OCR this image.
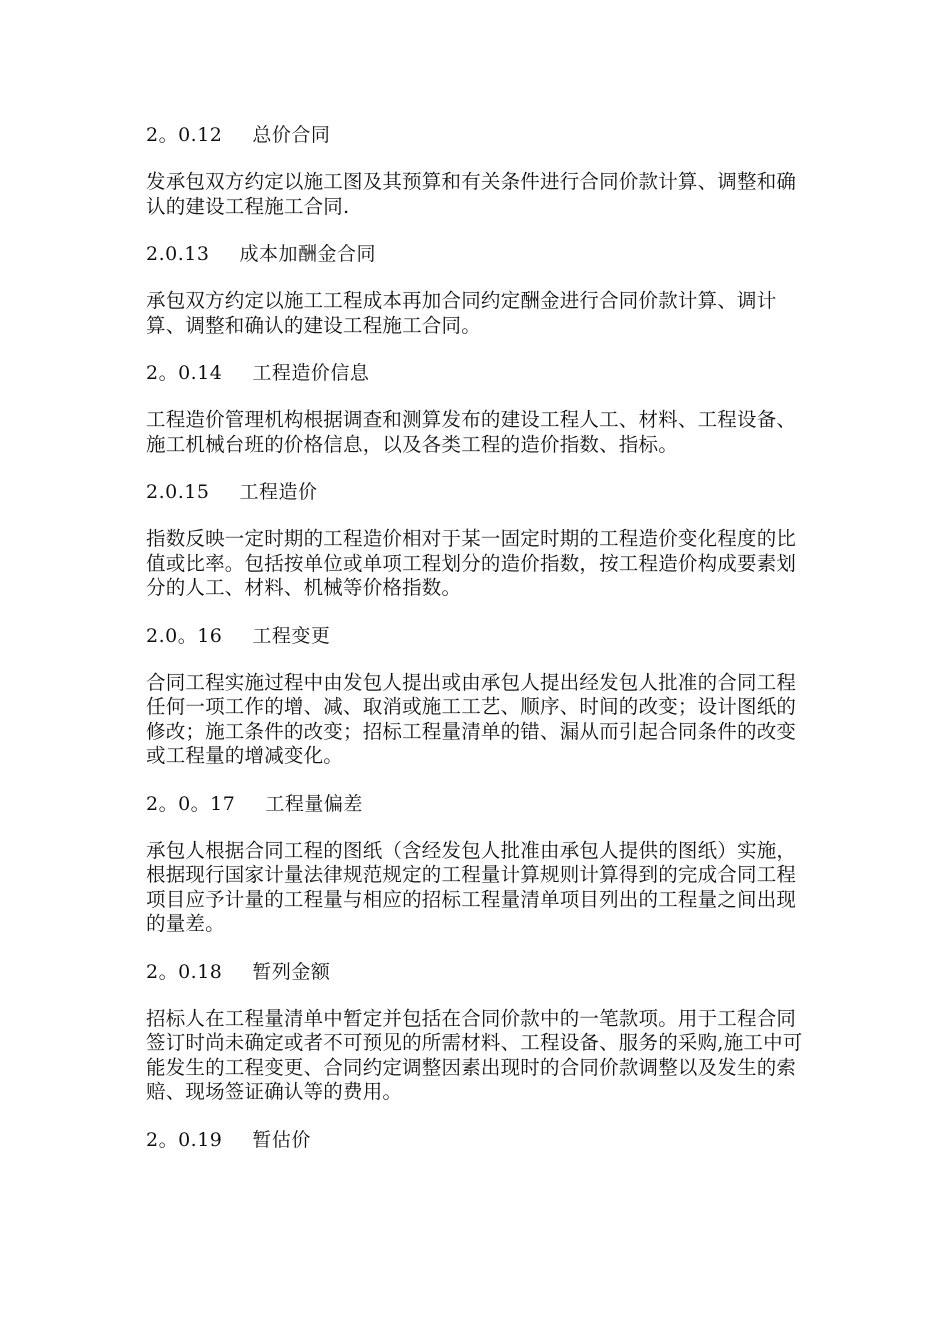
2。0.12 总价合同

发承包双方约定以施工图及其预算和有关条件进行合同价款计算、调整和确认的建设工程施工合同.

2.0.13 成本加酬金合同

承包双方约定以施工工程成本再加合同约定酬金进行合同价款计算、调计算、调整和确认的建设工程施工合同。

2。0.14 工程造价信息

工程造价管理机构根据调查和测算发布的建设工程人工、材料、工程设备、施工机械台班的价格信息，以及各类工程的造价指数、指标。

2.0.15 工程造价

指数反映一定时期的工程造价相对于某一固定时期的工程造价变化程度的比值或比率。包括按单位或单项工程划分的造价指数，按工程造价构成要素划分的人工、材料、机械等价格指数。

2.0。16 工程变更

合同工程实施过程中由发包人提出或由承包人提出经发包人批准的合同工程任何一项工作的增、减、取消或施工工艺、顺序、时间的改变；设计图纸的修改；施工条件的改变；招标工程量清单的错、漏从而引起合同条件的改变或工程量的增减变化。

2。0。17 工程量偏差

承包人根据合同工程的图纸（含经发包人批准由承包人提供的图纸）实施，根据现行国家计量法律规范规定的工程量计算规则计算得到的完成合同工程项目应予计量的工程量与相应的招标工程量清单项目列出的工程量之间出现的量差。

2。0.18 暂列金额

招标人在工程量清单中暂定并包括在合同价款中的一笔款项。用于工程合同签订时尚未确定或者不可预见的所需材料、工程设备、服务的采购,施工中可能发生的工程变更、合同约定调整因素出现时的合同价款调整以及发生的索赔、现场签证确认等的费用。

2。0.19 暂估价
